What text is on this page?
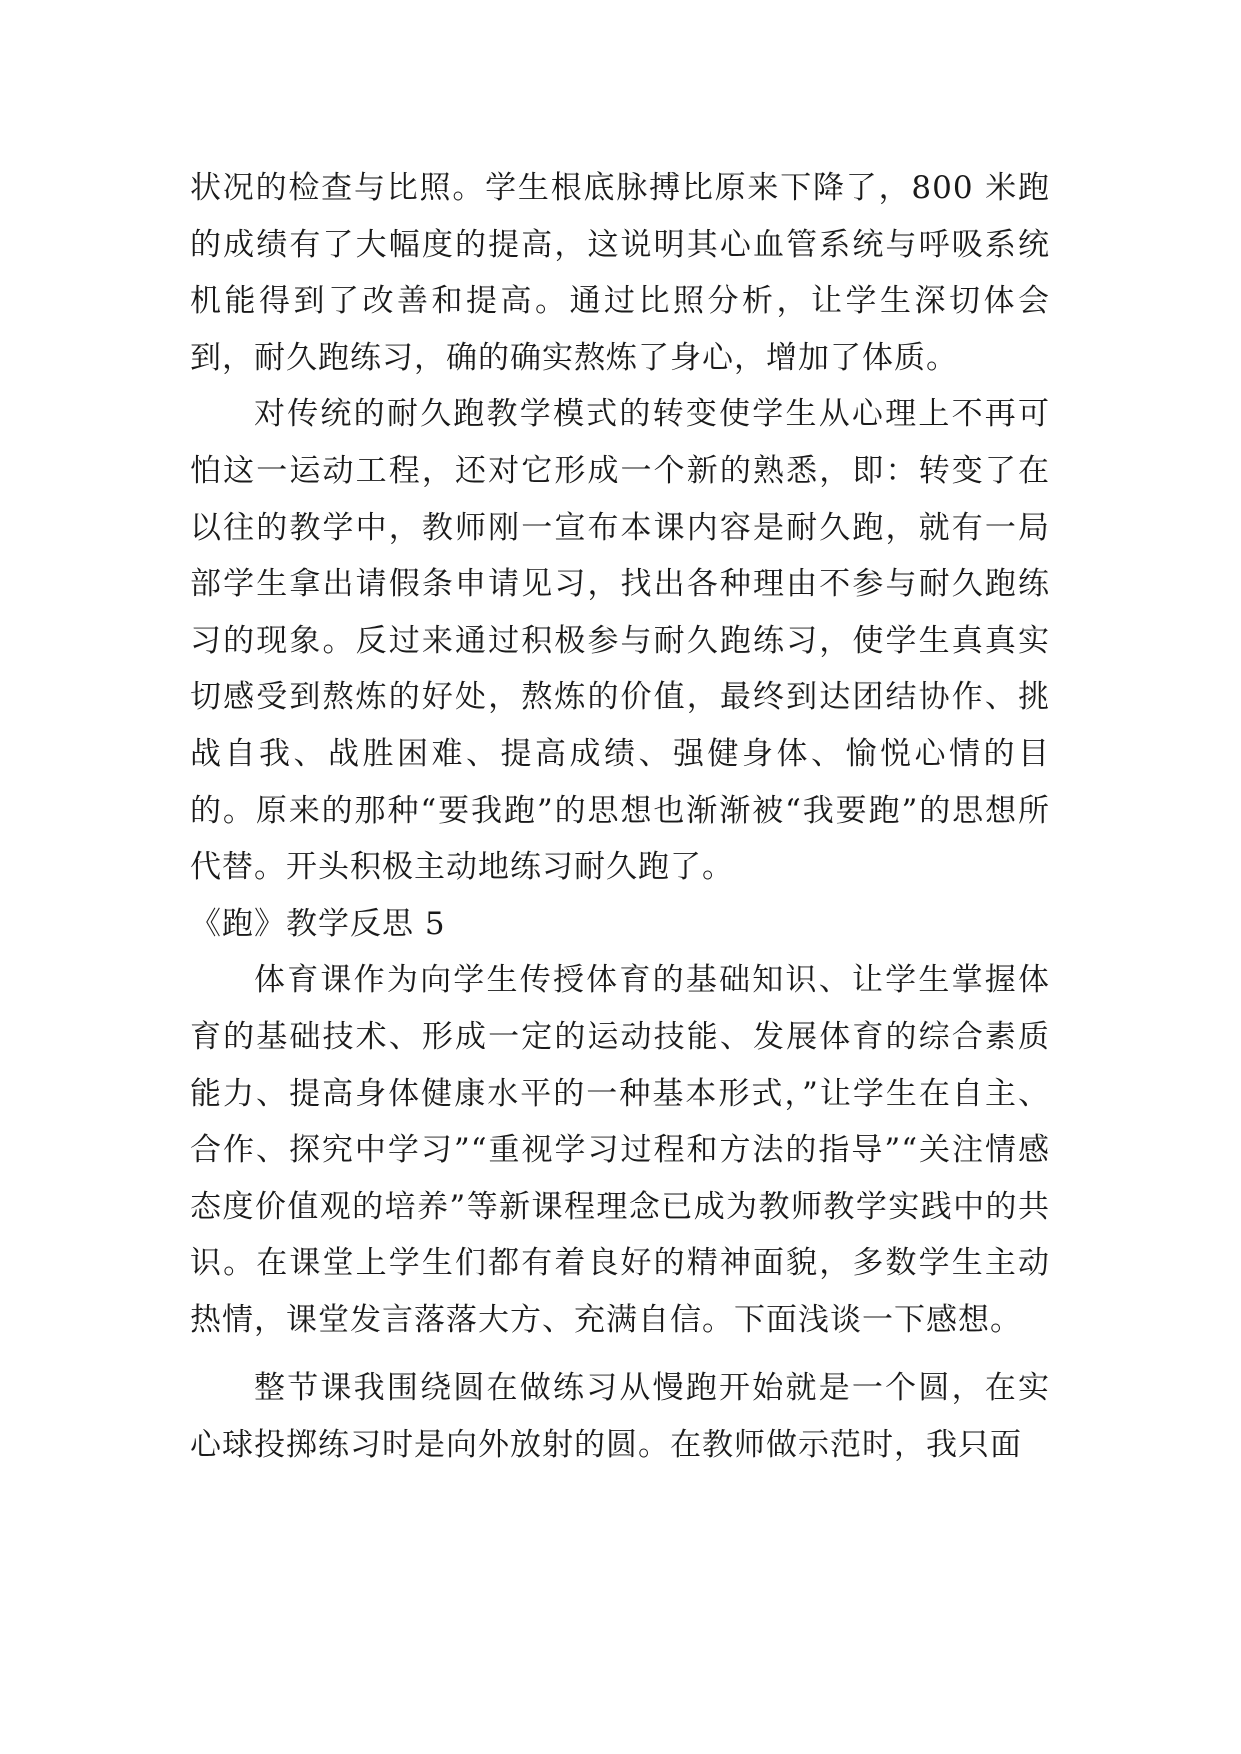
状况的检查与比照。学生根底脉搏比原来下降了，800 米跑的成绩有了大幅度的提高，这说明其心血管系统与呼吸系统机能得到了改善和提高。通过比照分析，让学生深切体会到，耐久跑练习，确的确实熬炼了身心，增加了体质。

对传统的耐久跑教学模式的转变使学生从心理上不再可怕这一运动工程，还对它形成一个新的熟悉，即：转变了在以往的教学中，教师刚一宣布本课内容是耐久跑，就有一局部学生拿出请假条申请见习，找出各种理由不参与耐久跑练习的现象。反过来通过积极参与耐久跑练习，使学生真真实切感受到熬炼的好处，熬炼的价值，最终到达团结协作、挑战自我、战胜困难、提高成绩、强健身体、愉悦心情的目的。原来的那种“要我跑”的思想也渐渐被“我要跑”的思想所代替。开头积极主动地练习耐久跑了。

《跑》教学反思 5

体育课作为向学生传授体育的基础知识、让学生掌握体育的基础技术、形成一定的运动技能、发展体育的综合素质能力、提高身体健康水平的一种基本形式，”让学生在自主、合作、探究中学习”“重视学习过程和方法的指导”“关注情感态度价值观的培养”等新课程理念已成为教师教学实践中的共识。在课堂上学生们都有着良好的精神面貌，多数学生主动热情，课堂发言落落大方、充满自信。下面浅谈一下感想。

整节课我围绕圆在做练习从慢跑开始就是一个圆，在实心球投掷练习时是向外放射的圆。在教师做示范时，我只面
